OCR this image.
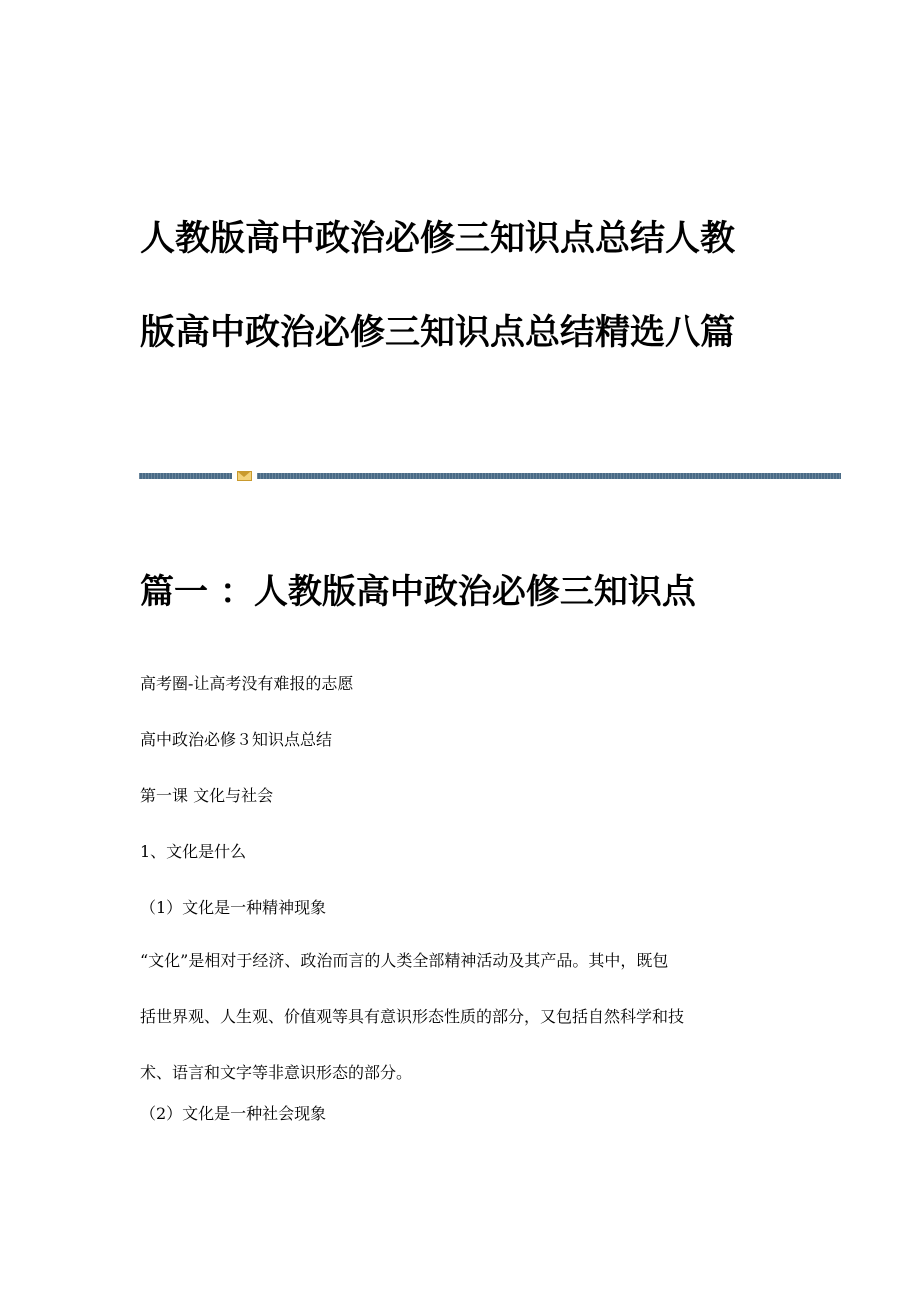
人教版高中政治必修三知识点总结人教
版高中政治必修三知识点总结精选八篇
篇一 ：人教版高中政治必修三知识点
高考圈-让高考没有难报的志愿
高中政治必修３知识点总结
第一课 文化与社会
1、文化是什么
（1）文化是一种精神现象
“文化”是相对于经济、政治而言的人类全部精神活动及其产品。其中，既包
括世界观、人生观、价值观等具有意识形态性质的部分，又包括自然科学和技
术、语言和文字等非意识形态的部分。
（2）文化是一种社会现象
